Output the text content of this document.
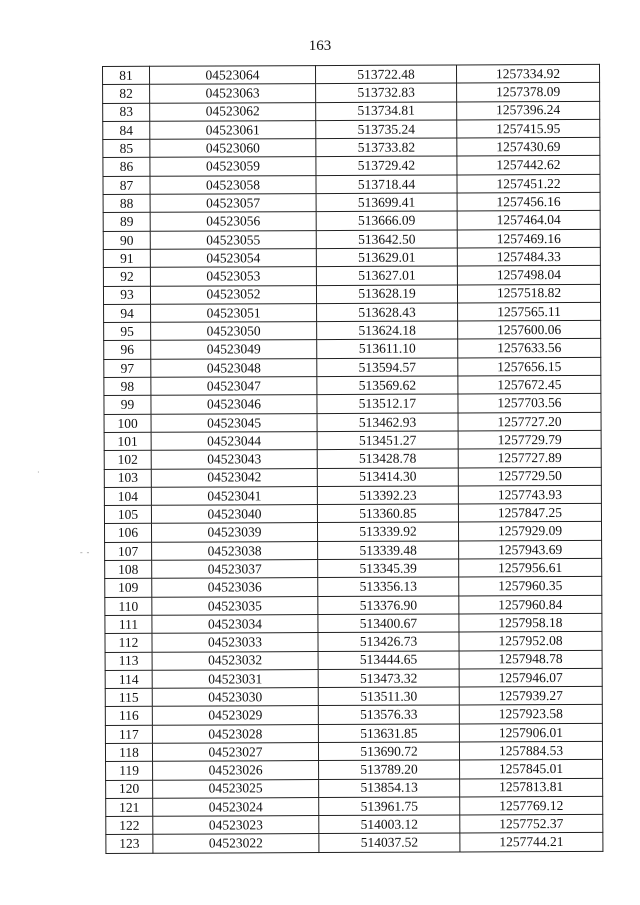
163
·
- -
81	04523064	513722.48	1257334.92
82	04523063	513732.83	1257378.09
83	04523062	513734.81	1257396.24
84	04523061	513735.24	1257415.95
85	04523060	513733.82	1257430.69
86	04523059	513729.42	1257442.62
87	04523058	513718.44	1257451.22
88	04523057	513699.41	1257456.16
89	04523056	513666.09	1257464.04
90	04523055	513642.50	1257469.16
91	04523054	513629.01	1257484.33
92	04523053	513627.01	1257498.04
93	04523052	513628.19	1257518.82
94	04523051	513628.43	1257565.11
95	04523050	513624.18	1257600.06
96	04523049	513611.10	1257633.56
97	04523048	513594.57	1257656.15
98	04523047	513569.62	1257672.45
99	04523046	513512.17	1257703.56
100	04523045	513462.93	1257727.20
101	04523044	513451.27	1257729.79
102	04523043	513428.78	1257727.89
103	04523042	513414.30	1257729.50
104	04523041	513392.23	1257743.93
105	04523040	513360.85	1257847.25
106	04523039	513339.92	1257929.09
107	04523038	513339.48	1257943.69
108	04523037	513345.39	1257956.61
109	04523036	513356.13	1257960.35
110	04523035	513376.90	1257960.84
111	04523034	513400.67	1257958.18
112	04523033	513426.73	1257952.08
113	04523032	513444.65	1257948.78
114	04523031	513473.32	1257946.07
115	04523030	513511.30	1257939.27
116	04523029	513576.33	1257923.58
117	04523028	513631.85	1257906.01
118	04523027	513690.72	1257884.53
119	04523026	513789.20	1257845.01
120	04523025	513854.13	1257813.81
121	04523024	513961.75	1257769.12
122	04523023	514003.12	1257752.37
123	04523022	514037.52	1257744.21
